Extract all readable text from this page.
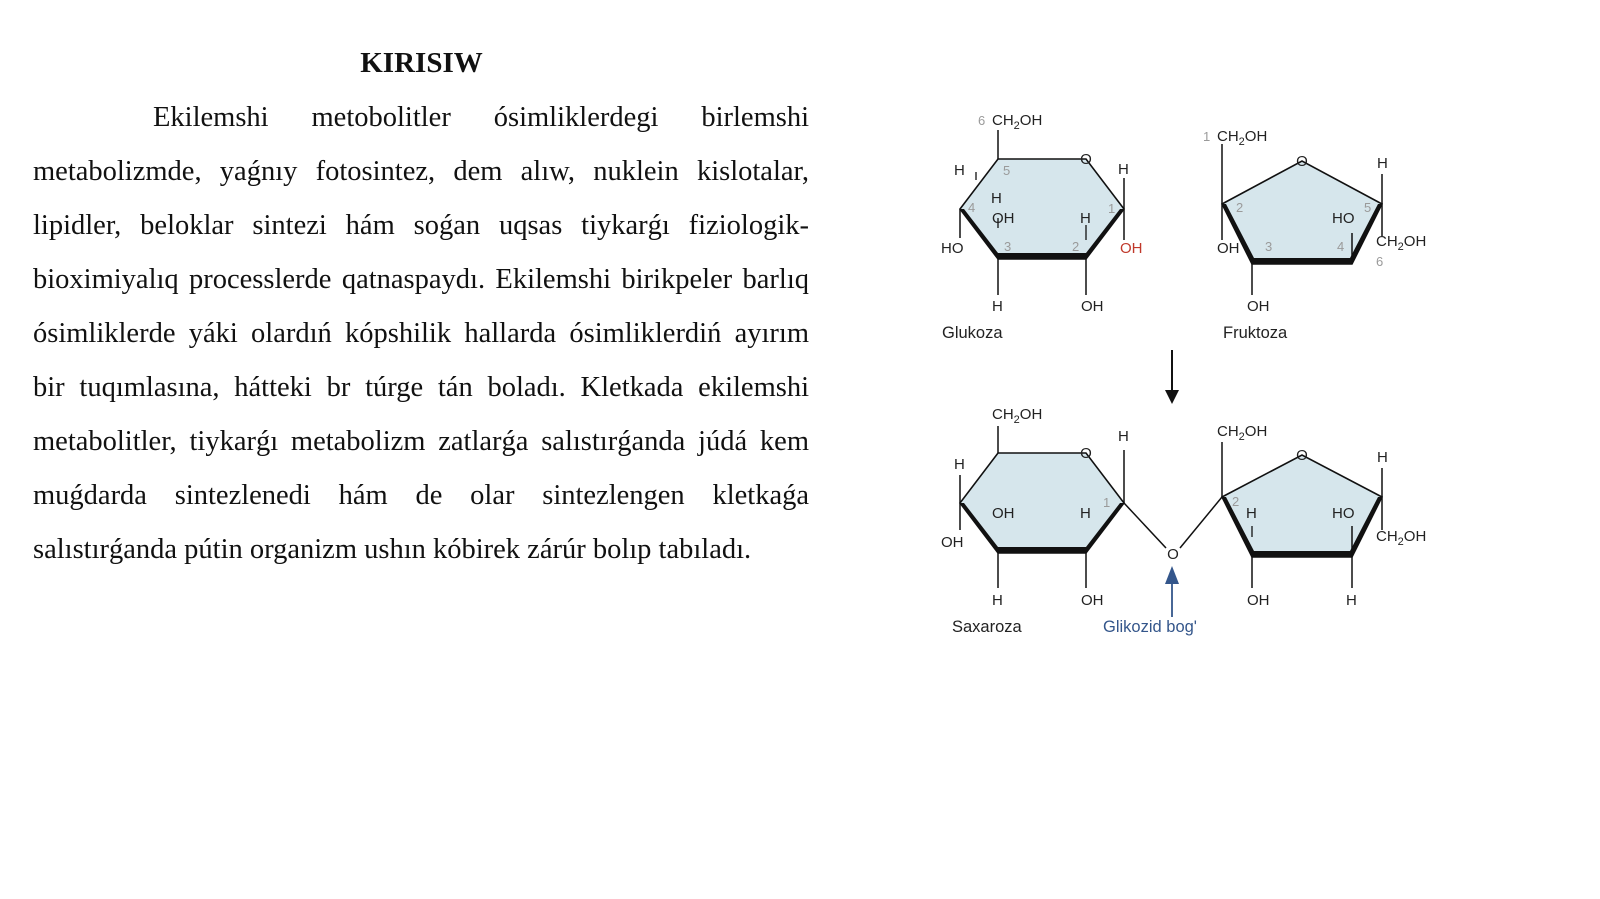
KIRISIW

Ekilemshi metobolitler ósimliklerdegi birlemshi metabolizmde, yaǵnıy fotosintez, dem alıw, nuklein kislotalar, lipidler, beloklar sintezi hám soǵan uqsas tiykarǵı fiziologik-bioximiyalıq processlerde qatnaspaydı. Ekilemshi birikpeler barlıq ósimliklerde yáki olardıń kópshilik hallarda ósimliklerdiń ayırım bir tuqımlasına, hátteki br túrge tán boladı. Kletkada ekilemshi metabolitler, tiykarǵı metabolizm zatlarǵa salıstırǵanda júdá kem muǵdarda sintezlenedi hám de olar sintezlengen kletkaǵa salıstırǵanda pútin organizm ushın kóbirek zárúr bolıp tabıladı.

O
6 $CH_2OH$
H	5
4
HO
H
OH
3
H
H
2
OH
H
1
OH
Glukoza
O
1 $CH_2OH$
2
OH 3
OH
HO
4
H
5
$CH_2OH$
6
Fruktoza
O
$CH_2OH$
H
OH
OH
H
H
OH
H
1
O
O
$CH_2OH$
2
H
OH
HO
H
H
$CH_2OH$
Saxaroza	Glikozid bog'
